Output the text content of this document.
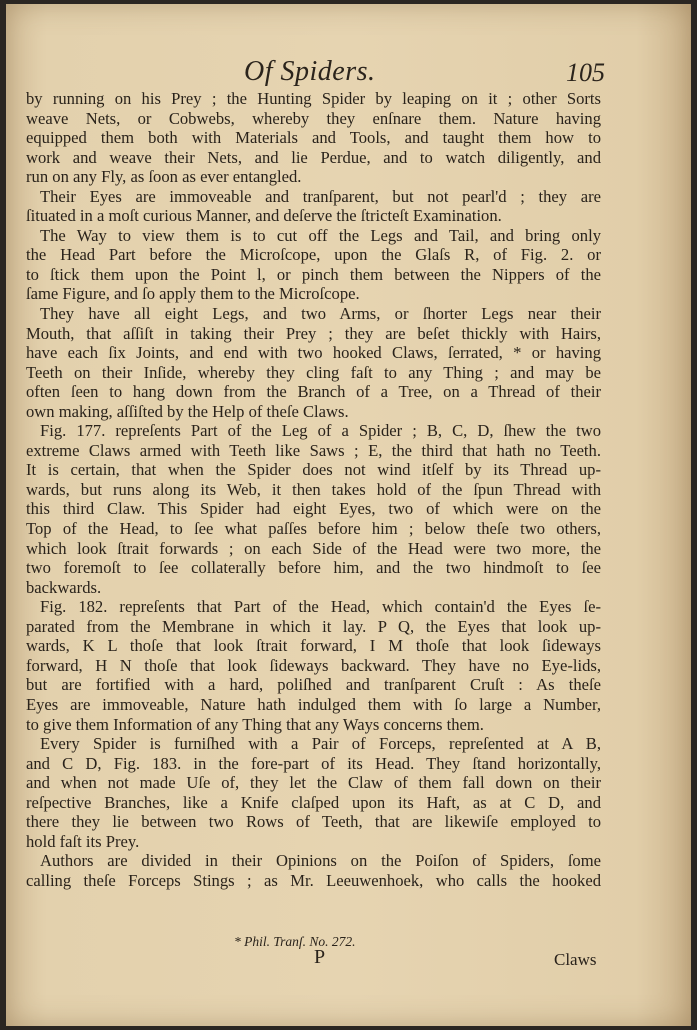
Of Spiders.	105
by running on his Prey ; the Hunting Spider by leaping on it ; other Sorts
weave Nets, or Cobwebs, whereby they enſnare them. Nature having
equipped them both with Materials and Tools, and taught them how to
work and weave their Nets, and lie Perdue, and to watch diligently, and
run on any Fly, as ſoon as ever entangled.
Their Eyes are immoveable and tranſparent, but not pearl'd ; they are
ſituated in a moſt curious Manner, and deſerve the ſtricteſt Examination.
The Way to view them is to cut off the Legs and Tail, and bring only
the Head Part before the Microſcope, upon the Glaſs R, of Fig. 2. or
to ſtick them upon the Point l, or pinch them between the Nippers of the
ſame Figure, and ſo apply them to the Microſcope.
They have all eight Legs, and two Arms, or ſhorter Legs near their
Mouth, that aſſiſt in taking their Prey ; they are beſet thickly with Hairs,
have each ſix Joints, and end with two hooked Claws, ſerrated, * or having
Teeth on their Inſide, whereby they cling faſt to any Thing ; and may be
often ſeen to hang down from the Branch of a Tree, on a Thread of their
own making, aſſiſted by the Help of theſe Claws.
Fig. 177. repreſents Part of the Leg of a Spider ; B, C, D, ſhew the two
extreme Claws armed with Teeth like Saws ; E, the third that hath no Teeth.
It is certain, that when the Spider does not wind itſelf by its Thread up-
wards, but runs along its Web, it then takes hold of the ſpun Thread with
this third Claw. This Spider had eight Eyes, two of which were on the
Top of the Head, to ſee what paſſes before him ; below theſe two others,
which look ſtrait forwards ; on each Side of the Head were two more, the
two foremoſt to ſee collaterally before him, and the two hindmoſt to ſee
backwards.
Fig. 182. repreſents that Part of the Head, which contain'd the Eyes ſe-
parated from the Membrane in which it lay. P Q, the Eyes that look up-
wards, K L thoſe that look ſtrait forward, I M thoſe that look ſideways
forward, H N thoſe that look ſideways backward. They have no Eye-lids,
but are fortified with a hard, poliſhed and tranſparent Cruſt : As theſe
Eyes are immoveable, Nature hath indulged them with ſo large a Number,
to give them Information of any Thing that any Ways concerns them.
Every Spider is furniſhed with a Pair of Forceps, repreſented at A B,
and C D, Fig. 183. in the fore-part of its Head. They ſtand horizontally,
and when not made Uſe of, they let the Claw of them fall down on their
reſpective Branches, like a Knife claſped upon its Haft, as at C D, and
there they lie between two Rows of Teeth, that are likewiſe employed to
hold faſt its Prey.
Authors are divided in their Opinions on the Poiſon of Spiders, ſome
calling theſe Forceps Stings ; as Mr. Leeuwenhoek, who calls the hooked
* Phil. Tranſ. No. 272.
P	Claws
